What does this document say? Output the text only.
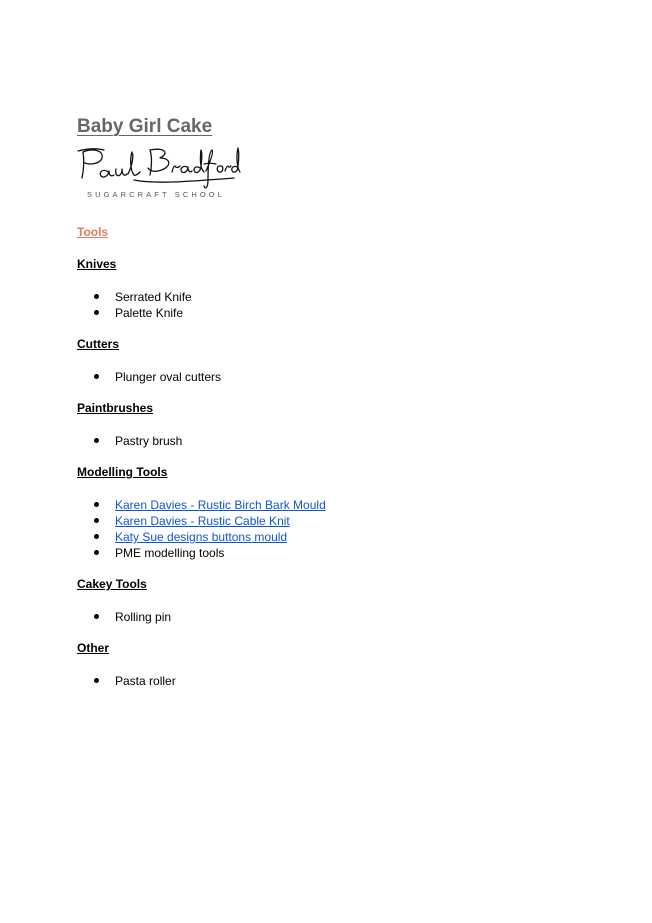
Baby Girl Cake
SUGARCRAFT SCHOOL
Tools
Knives
Serrated Knife
Palette Knife
Cutters
Plunger oval cutters
Paintbrushes
Pastry brush
Modelling Tools
Karen Davies - Rustic Birch Bark Mould
Karen Davies - Rustic Cable Knit
Katy Sue designs buttons mould
PME modelling tools
Cakey Tools
Rolling pin
Other
Pasta roller
